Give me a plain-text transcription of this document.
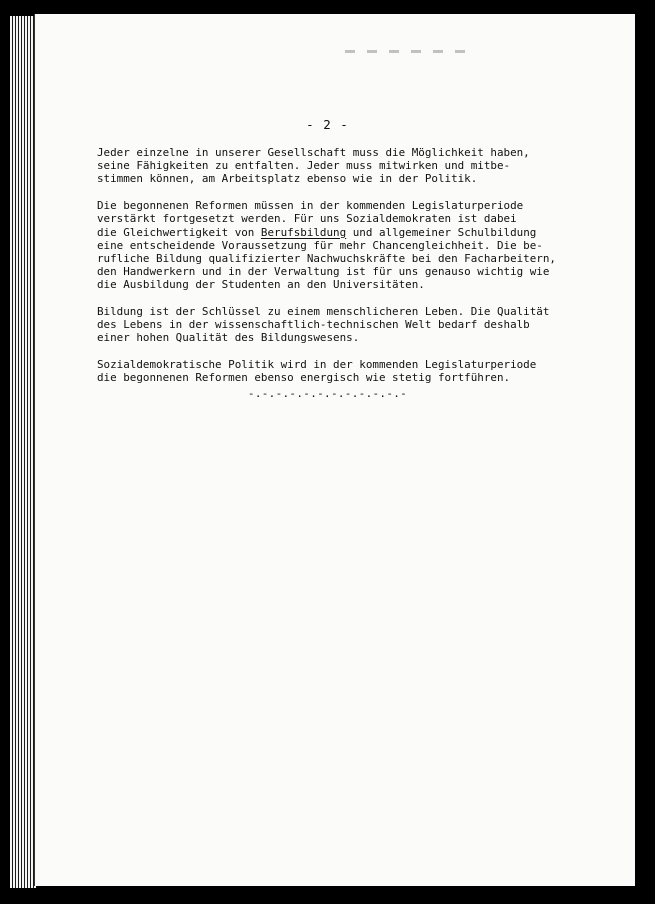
- 2 -
Jeder einzelne in unserer Gesellschaft muss die Möglichkeit haben,
seine Fähigkeiten zu entfalten. Jeder muss mitwirken und mitbe-
stimmen können, am Arbeitsplatz ebenso wie in der Politik.
Die begonnenen Reformen müssen in der kommenden Legislaturperiode
verstärkt fortgesetzt werden. Für uns Sozialdemokraten ist dabei
die Gleichwertigkeit von Berufsbildung und allgemeiner Schulbildung
eine entscheidende Voraussetzung für mehr Chancengleichheit. Die be-
rufliche Bildung qualifizierter Nachwuchskräfte bei den Facharbeitern,
den Handwerkern und in der Verwaltung ist für uns genauso wichtig wie
die Ausbildung der Studenten an den Universitäten.
Bildung ist der Schlüssel zu einem menschlicheren Leben. Die Qualität
des Lebens in der wissenschaftlich-technischen Welt bedarf deshalb
einer hohen Qualität des Bildungswesens.
Sozialdemokratische Politik wird in der kommenden Legislaturperiode
die begonnenen Reformen ebenso energisch wie stetig fortführen.
-.-.-.-.-.-.-.-.-.-.-.-
